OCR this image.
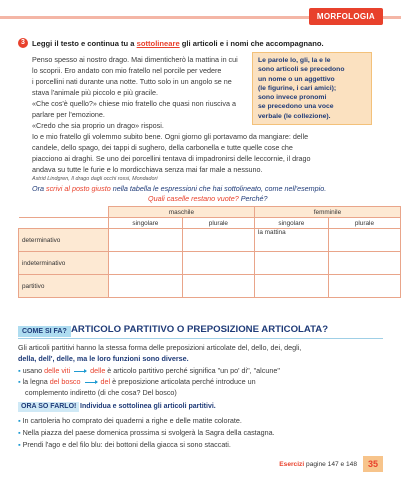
MORFOLOGIA
3 Leggi il testo e continua tu a sottolineare gli articoli e i nomi che accompagnano.
Penso spesso ai nostro drago. Mai dimenticherò la mattina in cui
lo scoprii. Ero andato con mio fratello nel porcile per vedere
i porcellini nati durante una notte. Tutto solo in un angolo se ne
stava l'animale più piccolo e più gracile.
«Che cos'è quello?» chiese mio fratello che quasi non riusciva a
parlare per l'emozione.
«Credo che sia proprio un drago» risposi.
Io e mio fratello gli volemmo subito bene. Ogni giorno gli portavamo da mangiare: delle
candele, dello spago, dei tappi di sughero, della carbonella e tutte quelle cose che
piacciono ai draghi. Se uno dei porcellini tentava di impadronirsi delle leccornie, il drago
andava su tutte le furie e lo mordicchiava senza mai far male a nessuno.
Le parole lo, gli, la e le
sono articoli se precedono
un nome o un aggettivo
(le figurine, i cari amici);
sono invece pronomi
se precedono una voce
verbale (le collezione).
Astrid Lindgren, Il drago dagli occhi rossi, Mondadori
Ora scrivi al posto giusto nella tabella le espressioni che hai sottolineato, come nell'esempio.
Quali caselle restano vuote? Perché?
	maschile		femminile	
	singolare	plurale	singolare	plurale
determinativo			la mattina	
indeterminativo				
partitivo				
COME SI FA? ARTICOLO PARTITIVO O PREPOSIZIONE ARTICOLATA?
Gli articoli partitivi hanno la stessa forma delle preposizioni articolate del, dello, dei, degli,
della, dell', delle, ma le loro funzioni sono diverse.
▪ usano delle viti	delle è articolo partitivo perché significa "un po' di", "alcune"
▪ la legna del bosco	del è preposizione articolata perché introduce un
complemento indiretto (di che cosa? Del bosco)
ORA SO FARLO! Individua e sottolinea gli articoli partitivi.
▪ In cartoleria ho comprato dei quaderni a righe e delle matite colorate.
▪ Nella piazza del paese domenica prossima si svolgerà la Sagra della castagna.
▪ Prendi l'ago e del filo blu: dei bottoni della giacca si sono staccati.
Esercizi pagine 147 e 148	35
